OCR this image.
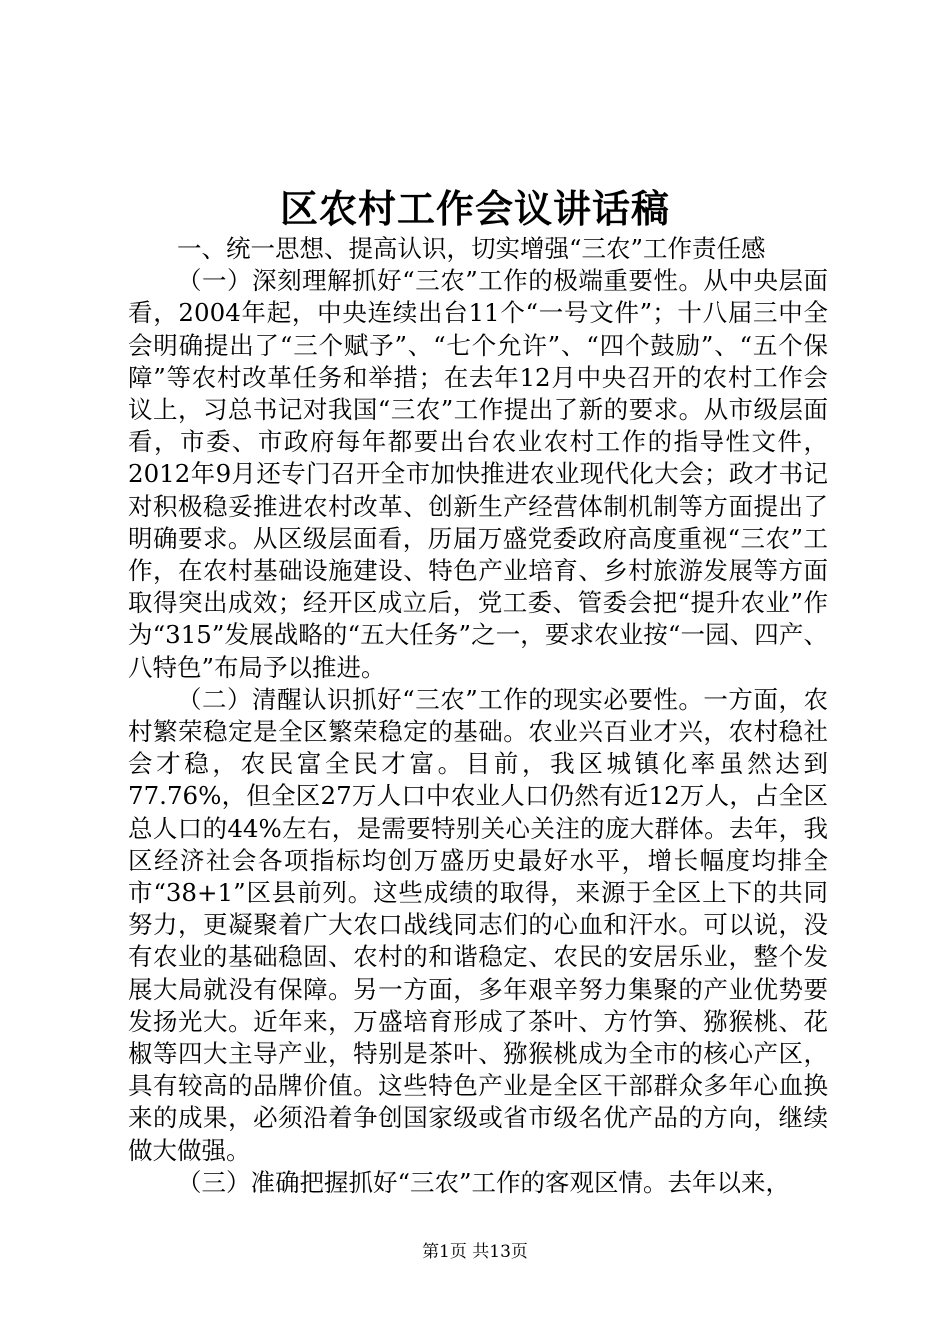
区农村工作会议讲话稿

一、统一思想、提高认识，切实增强“三农”工作责任感

（一）深刻理解抓好“三农”工作的极端重要性。从中央层面看，2004年起，中央连续出台11个“一号文件”；十八届三中全会明确提出了“三个赋予”、“七个允许”、“四个鼓励”、“五个保障”等农村改革任务和举措；在去年12月中央召开的农村工作会议上，习总书记对我国“三农”工作提出了新的要求。从市级层面看，市委、市政府每年都要出台农业农村工作的指导性文件，2012年9月还专门召开全市加快推进农业现代化大会；政才书记对积极稳妥推进农村改革、创新生产经营体制机制等方面提出了明确要求。从区级层面看，历届万盛党委政府高度重视“三农”工作，在农村基础设施建设、特色产业培育、乡村旅游发展等方面取得突出成效；经开区成立后，党工委、管委会把“提升农业”作为“315”发展战略的“五大任务”之一，要求农业按“一园、四产、八特色”布局予以推进。

（二）清醒认识抓好“三农”工作的现实必要性。一方面，农村繁荣稳定是全区繁荣稳定的基础。农业兴百业才兴，农村稳社会才稳，农民富全民才富。目前，我区城镇化率虽然达到77.76%，但全区27万人口中农业人口仍然有近12万人，占全区总人口的44%左右，是需要特别关心关注的庞大群体。去年，我区经济社会各项指标均创万盛历史最好水平，增长幅度均排全市“38+1”区县前列。这些成绩的取得，来源于全区上下的共同努力，更凝聚着广大农口战线同志们的心血和汗水。可以说，没有农业的基础稳固、农村的和谐稳定、农民的安居乐业，整个发展大局就没有保障。另一方面，多年艰辛努力集聚的产业优势要发扬光大。近年来，万盛培育形成了茶叶、方竹笋、猕猴桃、花椒等四大主导产业，特别是茶叶、猕猴桃成为全市的核心产区，具有较高的品牌价值。这些特色产业是全区干部群众多年心血换来的成果，必须沿着争创国家级或省市级名优产品的方向，继续做大做强。

（三）准确把握抓好“三农”工作的客观区情。去年以来，

第1页 共13页
